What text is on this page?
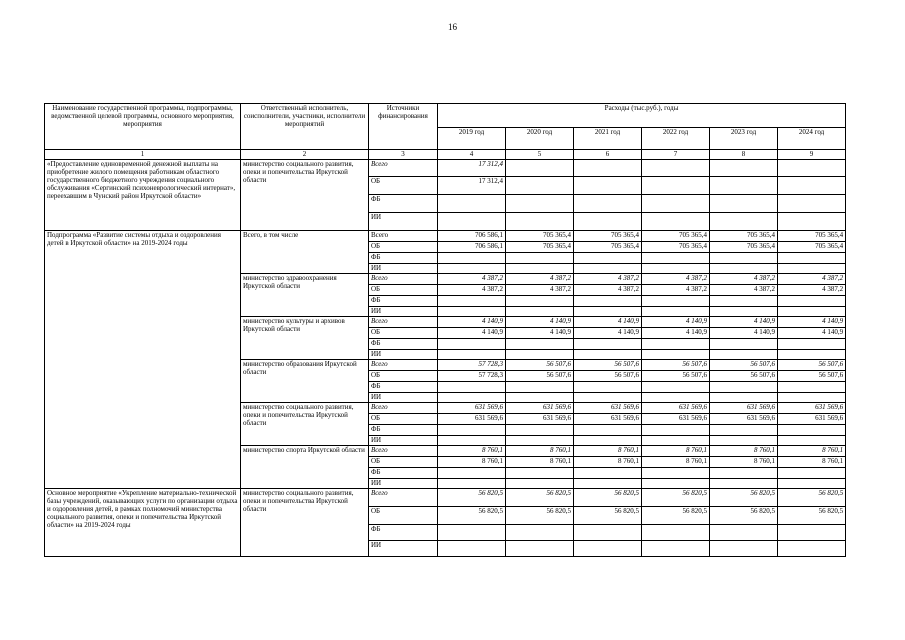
16
Наименование государственной программы, подпрограммы, ведомственной целевой программы, основного мероприятия, мероприятия	Ответственный исполнитель, соисполнители, участники, исполнители мероприятий	Источники финансирования	Расходы (тыс.руб.), годы					
			2019 год	2020 год	2021 год	2022 год	2023 год	2024 год
1	2	3	4	5	6	7	8	9
«Предоставление единовременной денежной выплаты на приобретение жилого помещения работникам областного государственного бюджетного учреждения социального обслуживания «Сергинский психоневрологический интернат», переехавшим в Чунский район Иркутской области»	министерство социального развития, опеки и попечительства Иркутской области	Всего	17 312,4					
		ОБ	17 312,4					
		ФБ						
		ИИ						
Подпрограмма «Развитие системы отдыха и оздоровления детей в Иркутской области» на 2019-2024 годы	Всего, в том числе	Всего	706 586,1	705 365,4	705 365,4	705 365,4	705 365,4	705 365,4
		ОБ	706 586,1	705 365,4	705 365,4	705 365,4	705 365,4	705 365,4
		ФБ						
		ИИ						
	министерство здравоохранения Иркутской области	Всего	4 387,2	4 387,2	4 387,2	4 387,2	4 387,2	4 387,2
		ОБ	4 387,2	4 387,2	4 387,2	4 387,2	4 387,2	4 387,2
		ФБ						
		ИИ						
	министерство культуры и архивов Иркутской области	Всего	4 140,9	4 140,9	4 140,9	4 140,9	4 140,9	4 140,9
		ОБ	4 140,9	4 140,9	4 140,9	4 140,9	4 140,9	4 140,9
		ФБ						
		ИИ						
	министерство образования Иркутской области	Всего	57 728,3	56 507,6	56 507,6	56 507,6	56 507,6	56 507,6
		ОБ	57 728,3	56 507,6	56 507,6	56 507,6	56 507,6	56 507,6
		ФБ						
		ИИ						
	министерство социального развития, опеки и попечительства Иркутской области	Всего	631 569,6	631 569,6	631 569,6	631 569,6	631 569,6	631 569,6
		ОБ	631 569,6	631 569,6	631 569,6	631 569,6	631 569,6	631 569,6
		ФБ						
		ИИ						
	министерство спорта Иркутской области	Всего	8 760,1	8 760,1	8 760,1	8 760,1	8 760,1	8 760,1
		ОБ	8 760,1	8 760,1	8 760,1	8 760,1	8 760,1	8 760,1
		ФБ						
		ИИ						
Основное мероприятие «Укрепление материально-технической базы учреждений, оказывающих услуги по организации отдыха и оздоровления детей, в рамках полномочий министерства социального развития, опеки и попечительства Иркутской области» на 2019-2024 годы	министерство социального развития, опеки и попечительства Иркутской области	Всего	56 820,5	56 820,5	56 820,5	56 820,5	56 820,5	56 820,5
		ОБ	56 820,5	56 820,5	56 820,5	56 820,5	56 820,5	56 820,5
		ФБ						
		ИИ						
